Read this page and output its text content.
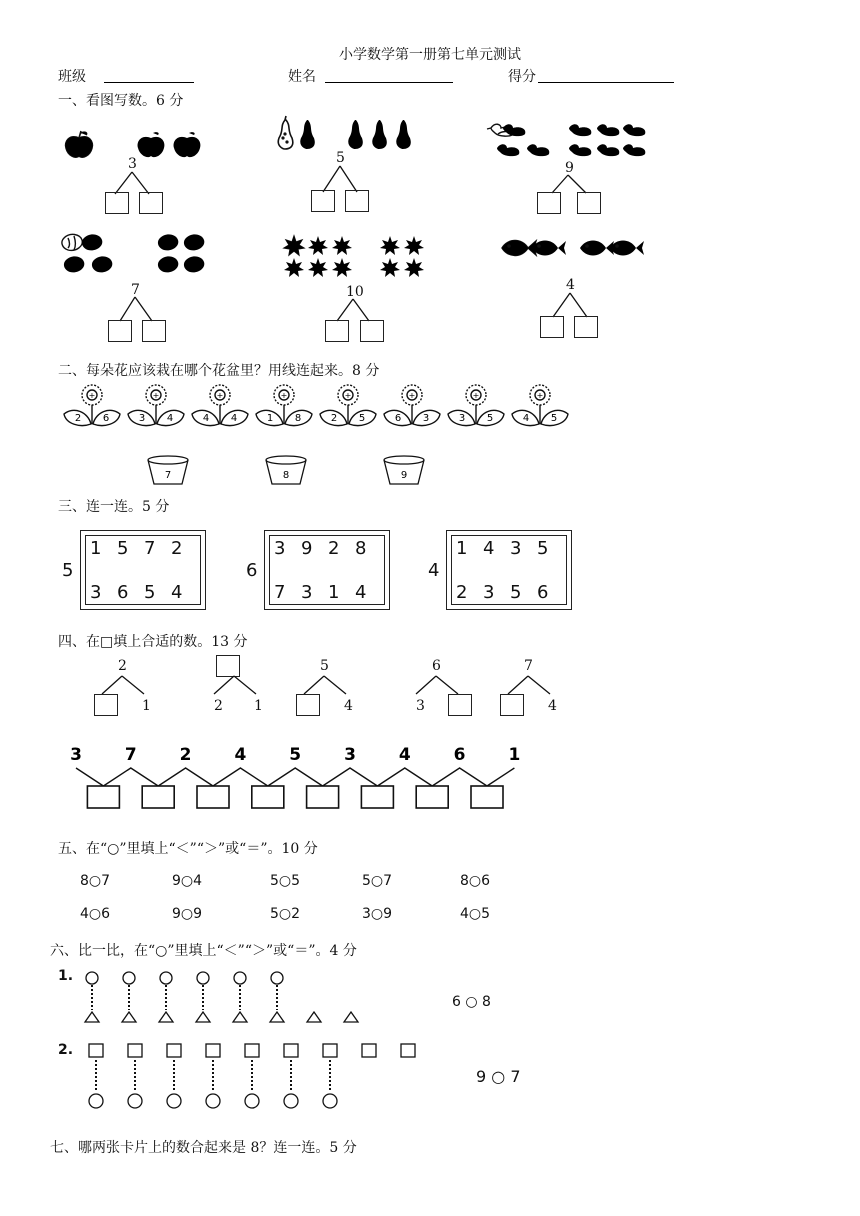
小学数学第一册第七单元测试
班级	姓名	得分
一、看图写数。6 分
3	5
9
7	10	4
二、每朵花应该栽在哪个花盆里？用线连起来。8 分
+
2 6
+
3 4
+
4 4
+
1 8
+
2 5
+
6 3
+
3 5
+
4 5
7	8	9
三、连一连。5 分
5
1 5 7 2
3 6 5 4
6
3 9 2 8
7 3 1 4
4
1 4 3 5
2 3 5 6
四、在□填上合适的数。13 分
2
1	2 1
5
4
6
3
7
4
3	7	2	4	5	3	4	6	1
五、在“○”里填上“＜”“＞”或“＝”。10 分
8○7	9○4	5○5	5○7	8○6
4○6	9○9	5○2	3○9	4○5
六、比一比，在“○”里填上“＜”“＞”或“＝”。4 分
1.
6 ○ 8
2.
9 ○ 7
七、哪两张卡片上的数合起来是 8？连一连。5 分
